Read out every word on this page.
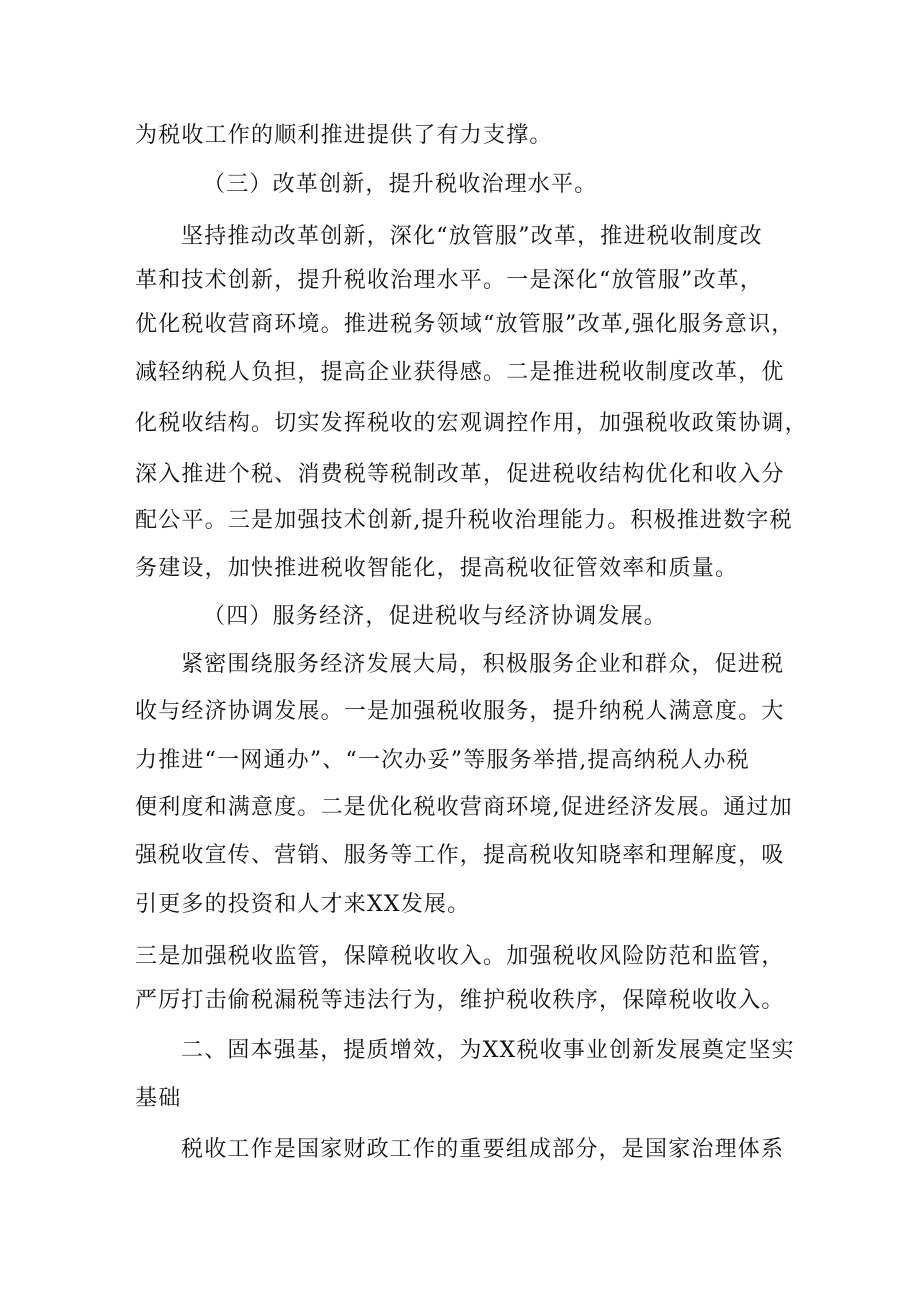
为税收工作的顺利推进提供了有力支撑。
（三）改革创新，提升税收治理水平。
坚持推动改革创新，深化“放管服”改革，推进税收制度改
革和技术创新，提升税收治理水平。一是深化“放管服”改革，
优化税收营商环境。推进税务领域“放管服”改革,强化服务意识，
减轻纳税人负担，提高企业获得感。二是推进税收制度改革，优
化税收结构。切实发挥税收的宏观调控作用，加强税收政策协调，
深入推进个税、消费税等税制改革，促进税收结构优化和收入分
配公平。三是加强技术创新,提升税收治理能力。积极推进数字税
务建设，加快推进税收智能化，提高税收征管效率和质量。
（四）服务经济，促进税收与经济协调发展。
紧密围绕服务经济发展大局，积极服务企业和群众，促进税
收与经济协调发展。一是加强税收服务，提升纳税人满意度。大
力推进“一网通办”、“一次办妥”等服务举措,提高纳税人办税
便利度和满意度。二是优化税收营商环境,促进经济发展。通过加
强税收宣传、营销、服务等工作，提高税收知晓率和理解度，吸
引更多的投资和人才来XX发展。
三是加强税收监管，保障税收收入。加强税收风险防范和监管，
严厉打击偷税漏税等违法行为，维护税收秩序，保障税收收入。
二、固本强基，提质增效，为XX税收事业创新发展奠定坚实
基础
税收工作是国家财政工作的重要组成部分，是国家治理体系
